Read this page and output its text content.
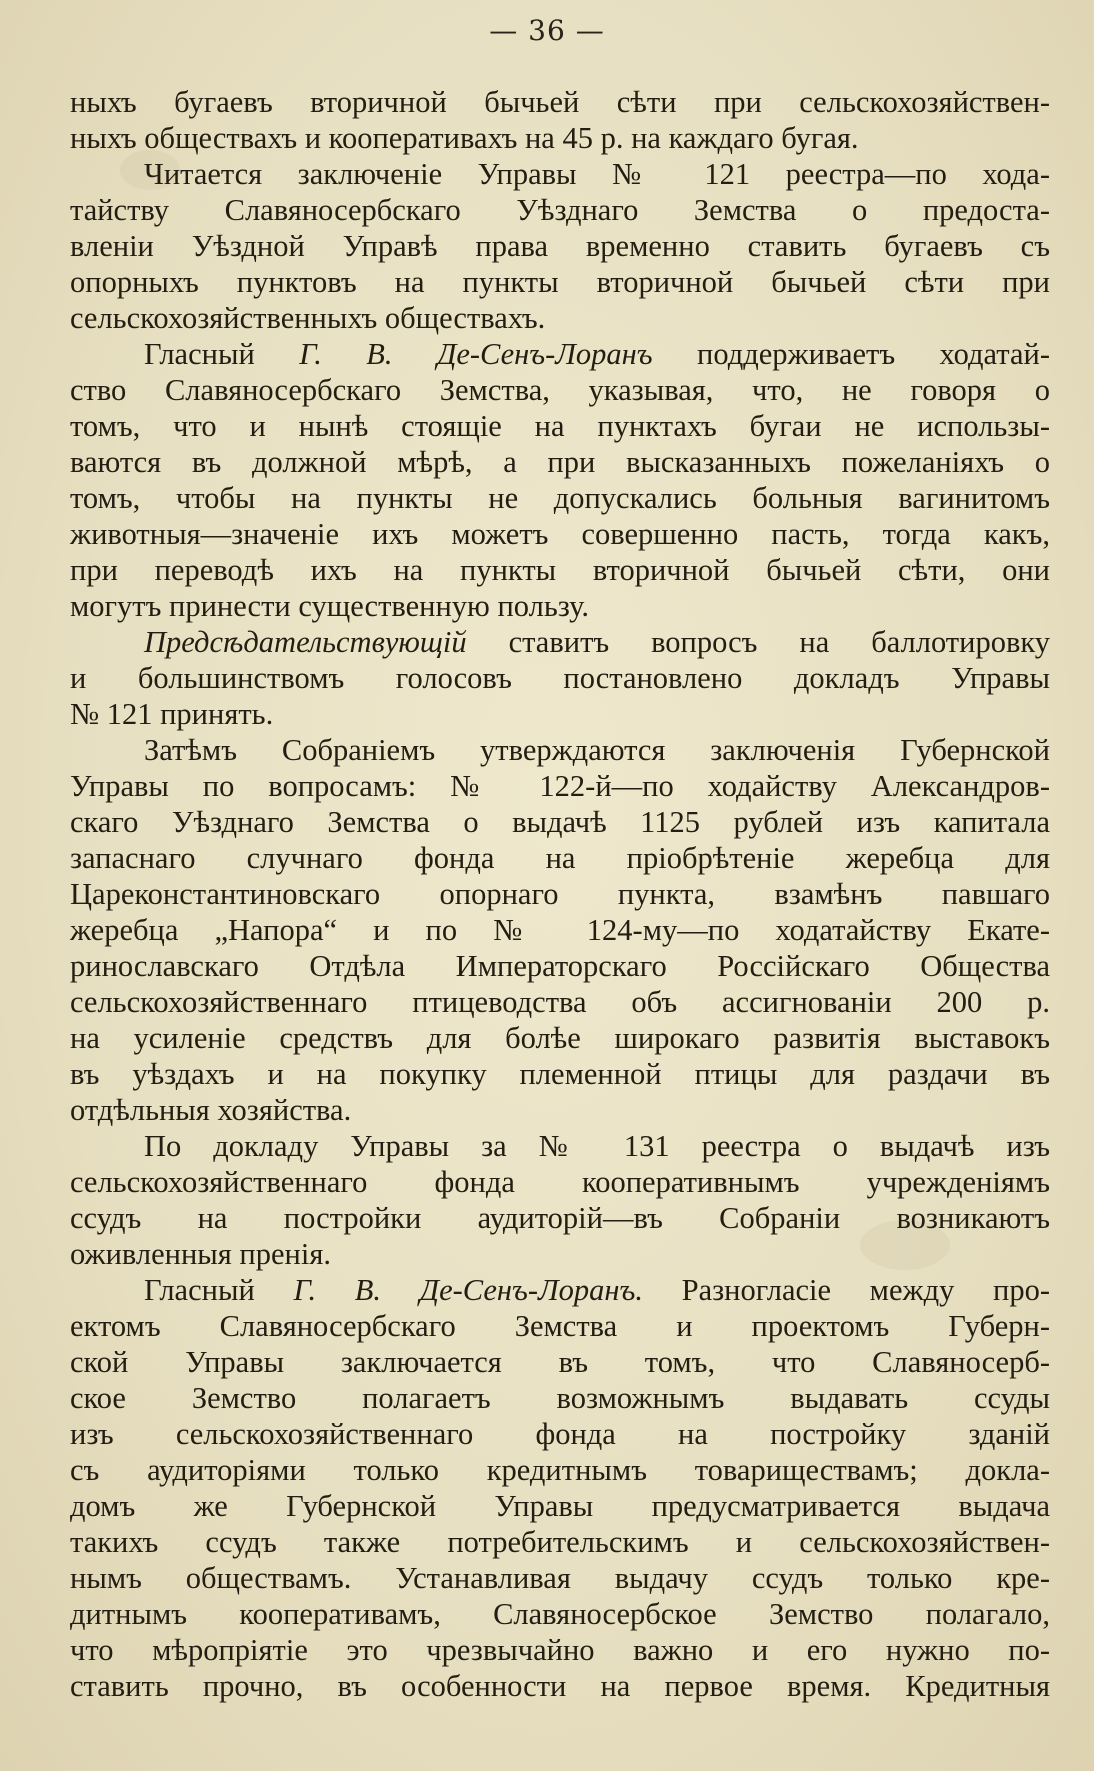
— 36 —
ныхъ бугаевъ вторичной бычьей сѣти при сельскохозяйствен-
ныхъ обществахъ и кооперативахъ на 45 р. на каждаго бугая.
Читается заключеніе Управы № 121 реестра—по хода-
тайству Славяносербскаго Уѣзднаго Земства о предоста-
вленіи Уѣздной Управѣ права временно ставить бугаевъ съ
опорныхъ пунктовъ на пункты вторичной бычьей сѣти при
сельскохозяйственныхъ обществахъ.
Гласный Г. В. Де-Сенъ-Лоранъ поддерживаетъ ходатай-
ство Славяносербскаго Земства, указывая, что, не говоря о
томъ, что и нынѣ стоящіе на пунктахъ бугаи не использы-
ваются въ должной мѣрѣ, а при высказанныхъ пожеланіяхъ о
томъ, чтобы на пункты не допускались больныя вагинитомъ
животныя—значеніе ихъ можетъ совершенно пасть, тогда какъ,
при переводѣ ихъ на пункты вторичной бычьей сѣти, они
могутъ принести существенную пользу.
Предсѣдательствующій ставитъ вопросъ на баллотировку
и большинствомъ голосовъ постановлено докладъ Управы
№ 121 принять.
Затѣмъ Собраніемъ утверждаются заключенія Губернской
Управы по вопросамъ: № 122-й—по ходайству Александров-
скаго Уѣзднаго Земства о выдачѣ 1125 рублей изъ капитала
запаснаго случнаго фонда на пріобрѣтеніе жеребца для
Цареконстантиновскаго опорнаго пункта, взамѣнъ павшаго
жеребца „Напора“ и по № 124-му—по ходатайству Екате-
ринославскаго Отдѣла Императорскаго Россійскаго Общества
сельскохозяйственнаго птицеводства объ ассигнованіи 200 р.
на усиленіе средствъ для болѣе широкаго развитія выставокъ
въ уѣздахъ и на покупку племенной птицы для раздачи въ
отдѣльныя хозяйства.
По докладу Управы за № 131 реестра о выдачѣ изъ
сельскохозяйственнаго фонда кооперативнымъ учрежденіямъ
ссудъ на постройки аудиторій—въ Собраніи возникаютъ
оживленныя пренія.
Гласный Г. В. Де-Сенъ-Лоранъ. Разногласіе между про-
ектомъ Славяносербскаго Земства и проектомъ Губерн-
ской Управы заключается въ томъ, что Славяносерб-
ское Земство полагаетъ возможнымъ выдавать ссуды
изъ сельскохозяйственнаго фонда на постройку зданій
съ аудиторіями только кредитнымъ товариществамъ; докла-
домъ же Губернской Управы предусматривается выдача
такихъ ссудъ также потребительскимъ и сельскохозяйствен-
нымъ обществамъ. Устанавливая выдачу ссудъ только кре-
дитнымъ кооперативамъ, Славяносербское Земство полагало,
что мѣропріятіе это чрезвычайно важно и его нужно по-
ставить прочно, въ особенности на первое время. Кредитныя
